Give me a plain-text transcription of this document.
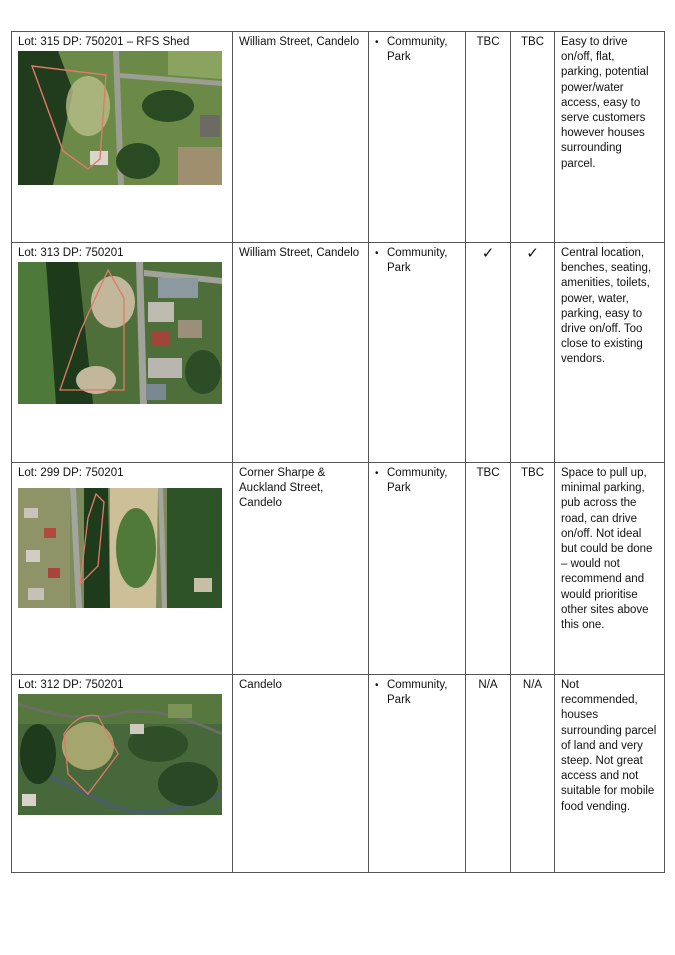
Lot: 315 DP: 750201 – RFS Shed	William Street, Candelo	• Community, Park	TBC	TBC	Easy to drive on/off, flat, parking, potential power/water access, easy to serve customers however houses surrounding parcel.

Lot: 313 DP: 750201	William Street, Candelo	• Community, Park	✓	✓	Central location, benches, seating, amenities, toilets, power, water, parking, easy to drive on/off. Too close to existing vendors.

Lot: 299 DP: 750201	Corner Sharpe & Auckland Street, Candelo	• Community, Park	TBC	TBC	Space to pull up, minimal parking, pub across the road, can drive on/off. Not ideal but could be done – would not recommend and would prioritise other sites above this one.

Lot: 312 DP: 750201	Candelo	• Community, Park	N/A	N/A	Not recommended, houses surrounding parcel of land and very steep. Not great access and not suitable for mobile food vending.
